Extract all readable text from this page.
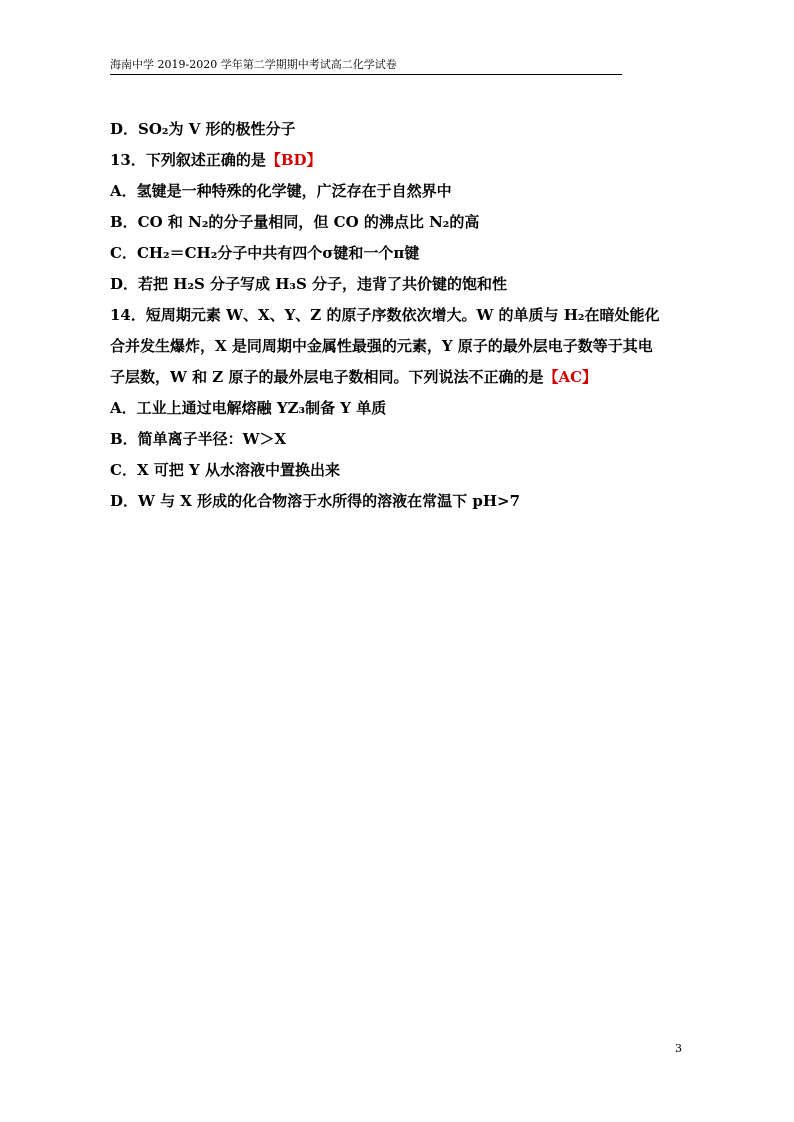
海南中学 2019-2020 学年第二学期期中考试高二化学试卷
D．SO₂为 V 形的极性分子
13．下列叙述正确的是【BD】
A．氢键是一种特殊的化学键，广泛存在于自然界中
B．CO 和 N₂的分子量相同，但 CO 的沸点比 N₂的高
C．CH₂＝CH₂分子中共有四个σ键和一个π键
D．若把 H₂S 分子写成 H₃S 分子，违背了共价键的饱和性
14．短周期元素 W、X、Y、Z 的原子序数依次增大。W 的单质与 H₂在暗处能化
合并发生爆炸，X 是同周期中金属性最强的元素，Y 原子的最外层电子数等于其电
子层数，W 和 Z 原子的最外层电子数相同。下列说法不正确的是【AC】
A．工业上通过电解熔融 YZ₃制备 Y 单质
B．简单离子半径：W＞X
C．X 可把 Y 从水溶液中置换出来
D．W 与 X 形成的化合物溶于水所得的溶液在常温下 pH>7
3
